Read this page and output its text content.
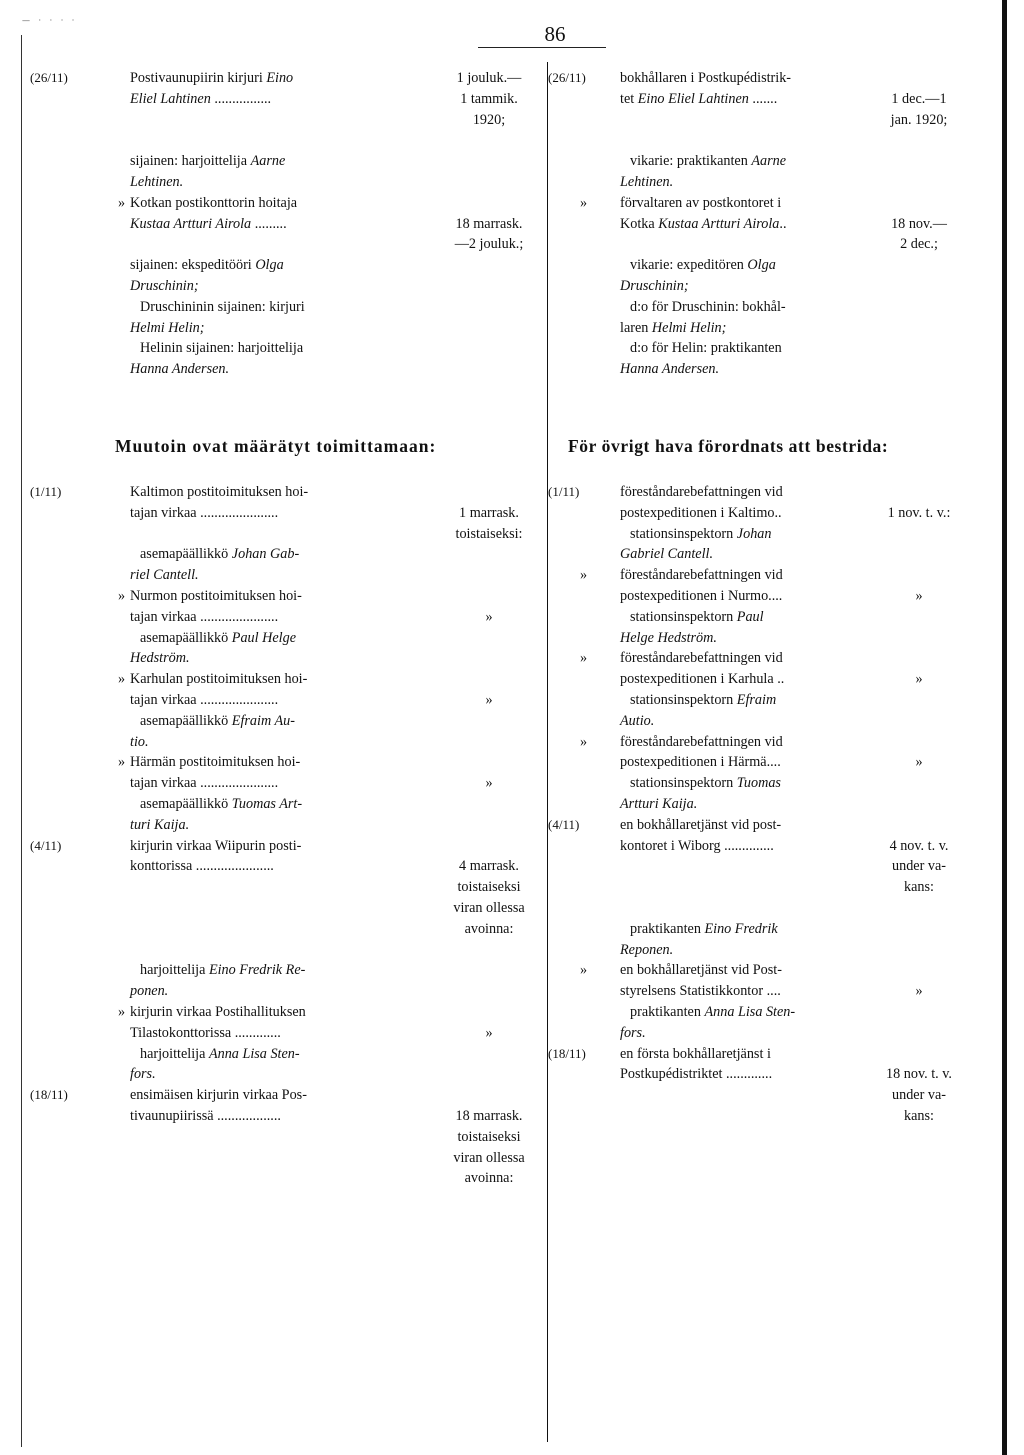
— · · · ·
86
(26/11)	Postivaunupiirin kirjuri Eino	1 jouluk.—
Eliel Lahtinen ................	1 tammik.
1920;
sijainen: harjoittelija Aarne
Lehtinen.
» Kotkan postikonttorin hoitaja
Kustaa Artturi Airola .........	18 marrask.
—2 jouluk.;
sijainen: ekspeditööri Olga
Druschinin;
Druschininin sijainen: kirjuri
Helmi Helin;
Helinin sijainen: harjoittelija
Hanna Andersen.
(26/11) bokhållaren i Postkupédistrik-
tet Eino Eliel Lahtinen .......	1 dec.—1
jan. 1920;
vikarie: praktikanten Aarne
Lehtinen.
» förvaltaren av postkontoret i
Kotka Kustaa Artturi Airola..	18 nov.—
2 dec.;
vikarie: expeditören Olga
Druschinin;
d:o för Druschinin: bokhål-
laren Helmi Helin;
d:o för Helin: praktikanten
Hanna Andersen.
Muutoin ovat määrätyt toimittamaan:	För övrigt hava förordnats att bestrida:
(1/11)	Kaltimon postitoimituksen hoi-
tajan virkaa ......................	1 marrask.
toistaiseksi:
asemapäällikkö Johan Gab-
riel Cantell.
» Nurmon postitoimituksen hoi-
tajan virkaa ......................	»
asemapäällikkö Paul Helge
Hedström.
» Karhulan postitoimituksen hoi-
tajan virkaa ......................	»
asemapäällikkö Efraim Au-
tio.
» Härmän postitoimituksen hoi-
tajan virkaa ......................	»
asemapäällikkö Tuomas Art-
turi Kaija.
(4/11)	kirjurin virkaa Wiipurin posti-
konttorissa ......................	4 marrask.
toistaiseksi
viran ollessa
avoinna:
harjoittelija Eino Fredrik Re-
ponen.
» kirjurin virkaa Postihallituksen
Tilastokonttorissa .............	»
harjoittelija Anna Lisa Sten-
fors.
(18/11)	ensimäisen kirjurin virkaa Pos-
tivaunupiirissä ..................	18 marrask.
toistaiseksi
viran ollessa
avoinna:
(1/11)	föreståndarebefattningen vid
postexpeditionen i Kaltimo..	1 nov. t. v.:
stationsinspektorn Johan
Gabriel Cantell.
» föreståndarebefattningen vid
postexpeditionen i Nurmo....	»
stationsinspektorn Paul
Helge Hedström.
» föreståndarebefattningen vid
postexpeditionen i Karhula ..	»
stationsinspektorn Efraim
Autio.
» föreståndarebefattningen vid
postexpeditionen i Härmä....	»
stationsinspektorn Tuomas
Artturi Kaija.
(4/11)	en bokhållaretjänst vid post-
kontoret i Wiborg ..............	4 nov. t. v.
under va-
kans:
praktikanten Eino Fredrik
Reponen.
» en bokhållaretjänst vid Post-
styrelsens Statistikkontor ....	»
praktikanten Anna Lisa Sten-
fors.
(18/11) en första bokhållaretjänst i
Postkupédistriktet .............	18 nov. t. v.
under va-
kans:
